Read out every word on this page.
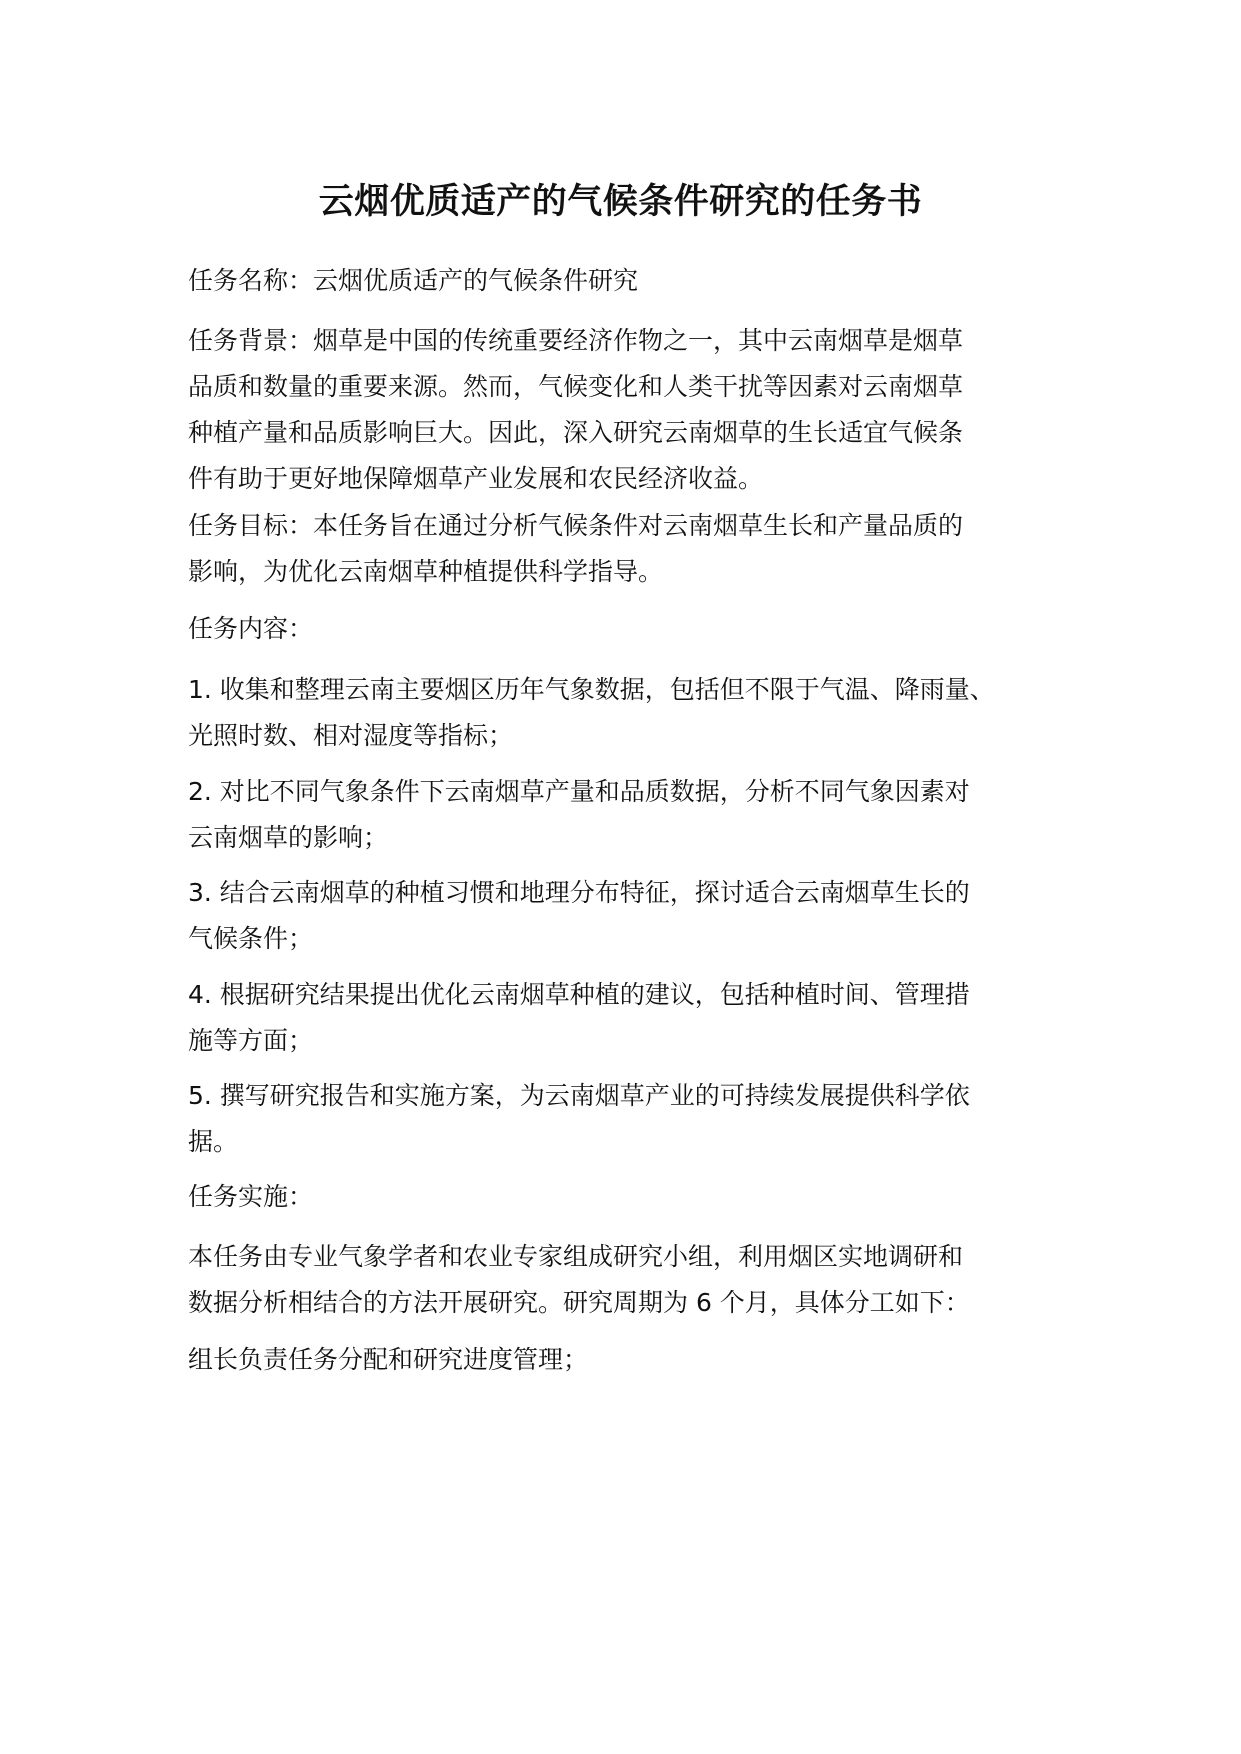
云烟优质适产的气候条件研究的任务书

任务名称：云烟优质适产的气候条件研究

任务背景：烟草是中国的传统重要经济作物之一，其中云南烟草是烟草
品质和数量的重要来源。然而，气候变化和人类干扰等因素对云南烟草
种植产量和品质影响巨大。因此，深入研究云南烟草的生长适宜气候条
件有助于更好地保障烟草产业发展和农民经济收益。

任务目标：本任务旨在通过分析气候条件对云南烟草生长和产量品质的
影响，为优化云南烟草种植提供科学指导。

任务内容：

1. 收集和整理云南主要烟区历年气象数据，包括但不限于气温、降雨量、
光照时数、相对湿度等指标；

2. 对比不同气象条件下云南烟草产量和品质数据，分析不同气象因素对
云南烟草的影响；

3. 结合云南烟草的种植习惯和地理分布特征，探讨适合云南烟草生长的
气候条件；

4. 根据研究结果提出优化云南烟草种植的建议，包括种植时间、管理措
施等方面；

5. 撰写研究报告和实施方案，为云南烟草产业的可持续发展提供科学依
据。

任务实施：

本任务由专业气象学者和农业专家组成研究小组，利用烟区实地调研和
数据分析相结合的方法开展研究。研究周期为 6 个月，具体分工如下：

组长负责任务分配和研究进度管理；
